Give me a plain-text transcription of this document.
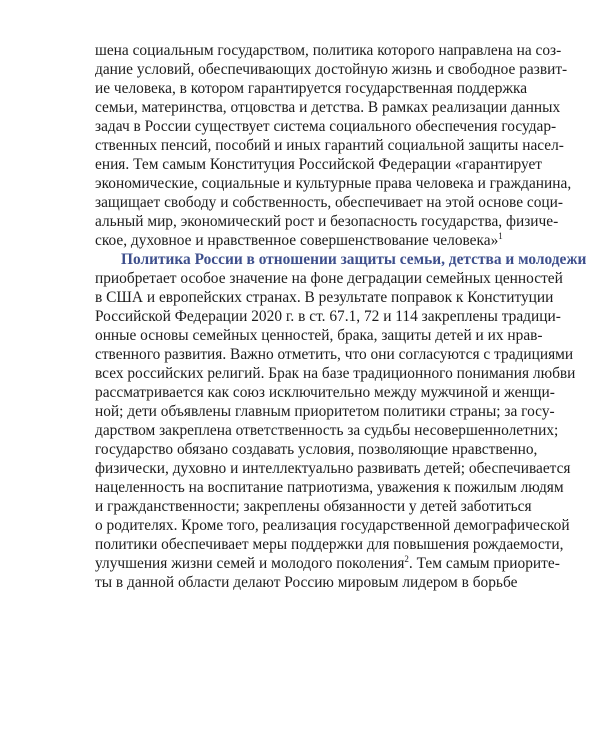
шена социальным государством, политика которого направлена на соз-
дание условий, обеспечивающих достойную жизнь и свободное развит-
ие человека, в котором гарантируется государственная поддержка
семьи, материнства, отцовства и детства. В рамках реализации данных
задач в России существует система социального обеспечения государ-
ственных пенсий, пособий и иных гарантий социальной защиты насел-
ения. Тем самым Конституция Российской Федерации «гарантирует
экономические, социальные и культурные права человека и гражданина,
защищает свободу и собственность, обеспечивает на этой основе соци-
альный мир, экономический рост и безопасность государства, физиче-
ское, духовное и нравственное совершенствование человека»$^1$
Политика России в отношении защиты семьи, детства и молодежи
приобретает особое значение на фоне деградации семейных ценностей
в США и европейских странах. В результате поправок к Конституции
Российской Федерации 2020 г. в ст. 67.1, 72 и 114 закреплены традици-
онные основы семейных ценностей, брака, защиты детей и их нрав-
ственного развития. Важно отметить, что они согласуются с традициями
всех российских религий. Брак на базе традиционного понимания любви
рассматривается как союз исключительно между мужчиной и женщи-
ной; дети объявлены главным приоритетом политики страны; за госу-
дарством закреплена ответственность за судьбы несовершеннолетних;
государство обязано создавать условия, позволяющие нравственно,
физически, духовно и интеллектуально развивать детей; обеспечивается
нацеленность на воспитание патриотизма, уважения к пожилым людям
и гражданственности; закреплены обязанности у детей заботиться
о родителях. Кроме того, реализация государственной демографической
политики обеспечивает меры поддержки для повышения рождаемости,
улучшения жизни семей и молодого поколения$^2$. Тем самым приорите-
ты в данной области делают Россию мировым лидером в борьбе
